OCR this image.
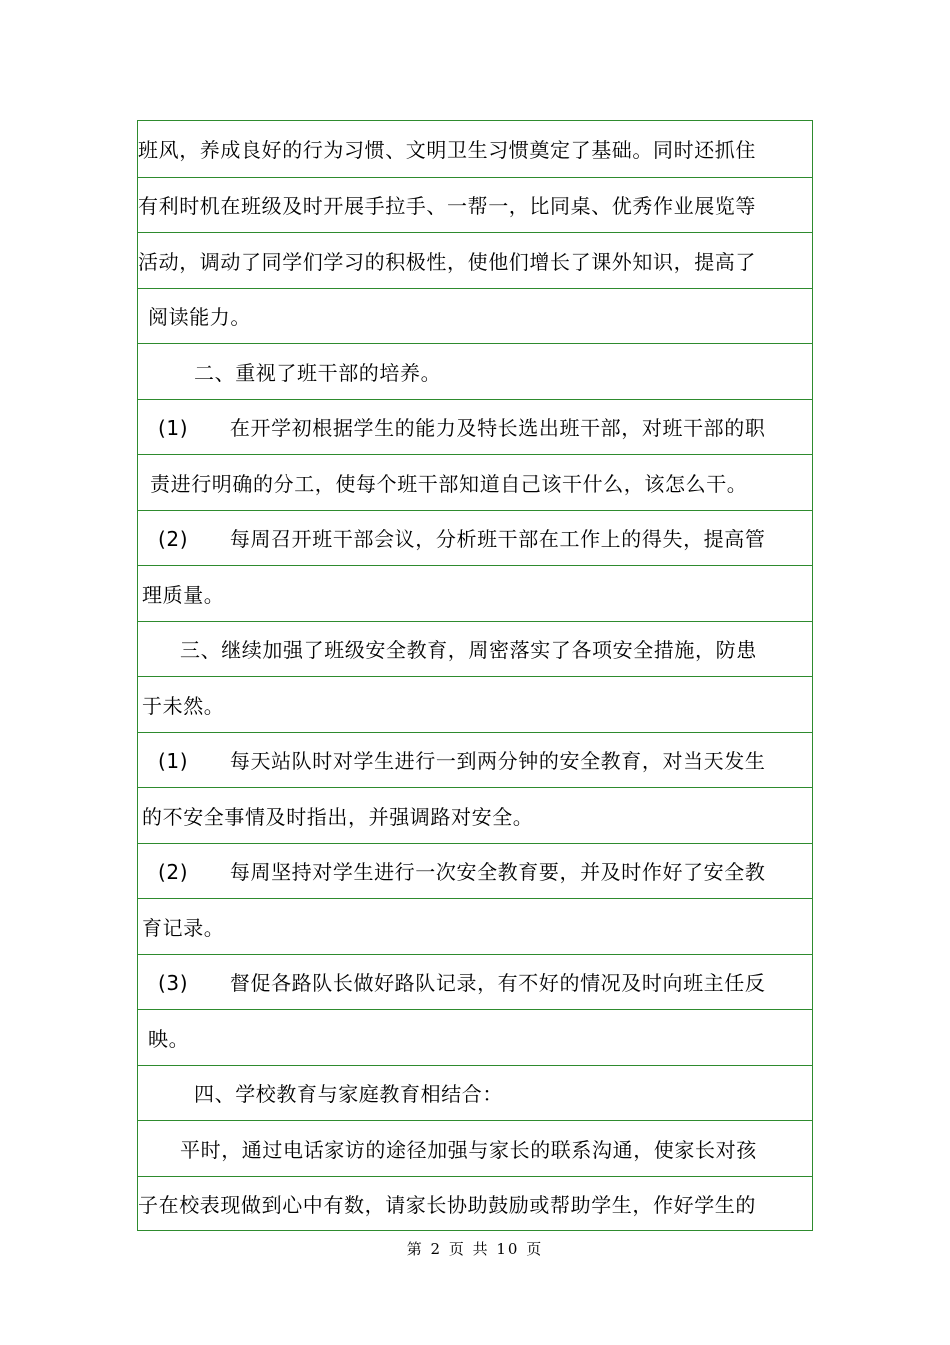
班风，养成良好的行为习惯、文明卫生习惯奠定了基础。同时还抓住
有利时机在班级及时开展手拉手、一帮一，比同桌、优秀作业展览等
活动，调动了同学们学习的积极性，使他们增长了课外知识，提高了
阅读能力。
二、重视了班干部的培养。
(1)      在开学初根据学生的能力及特长选出班干部，对班干部的职
责进行明确的分工，使每个班干部知道自己该干什么，该怎么干。
(2)      每周召开班干部会议，分析班干部在工作上的得失，提高管
理质量。
三、继续加强了班级安全教育，周密落实了各项安全措施，防患
于未然。
(1)      每天站队时对学生进行一到两分钟的安全教育，对当天发生
的不安全事情及时指出，并强调路对安全。
(2)      每周坚持对学生进行一次安全教育要，并及时作好了安全教
育记录。
(3)      督促各路队长做好路队记录，有不好的情况及时向班主任反
映。
四、学校教育与家庭教育相结合：
平时，通过电话家访的途径加强与家长的联系沟通，使家长对孩
子在校表现做到心中有数，请家长协助鼓励或帮助学生，作好学生的
第 2 页 共 10 页
